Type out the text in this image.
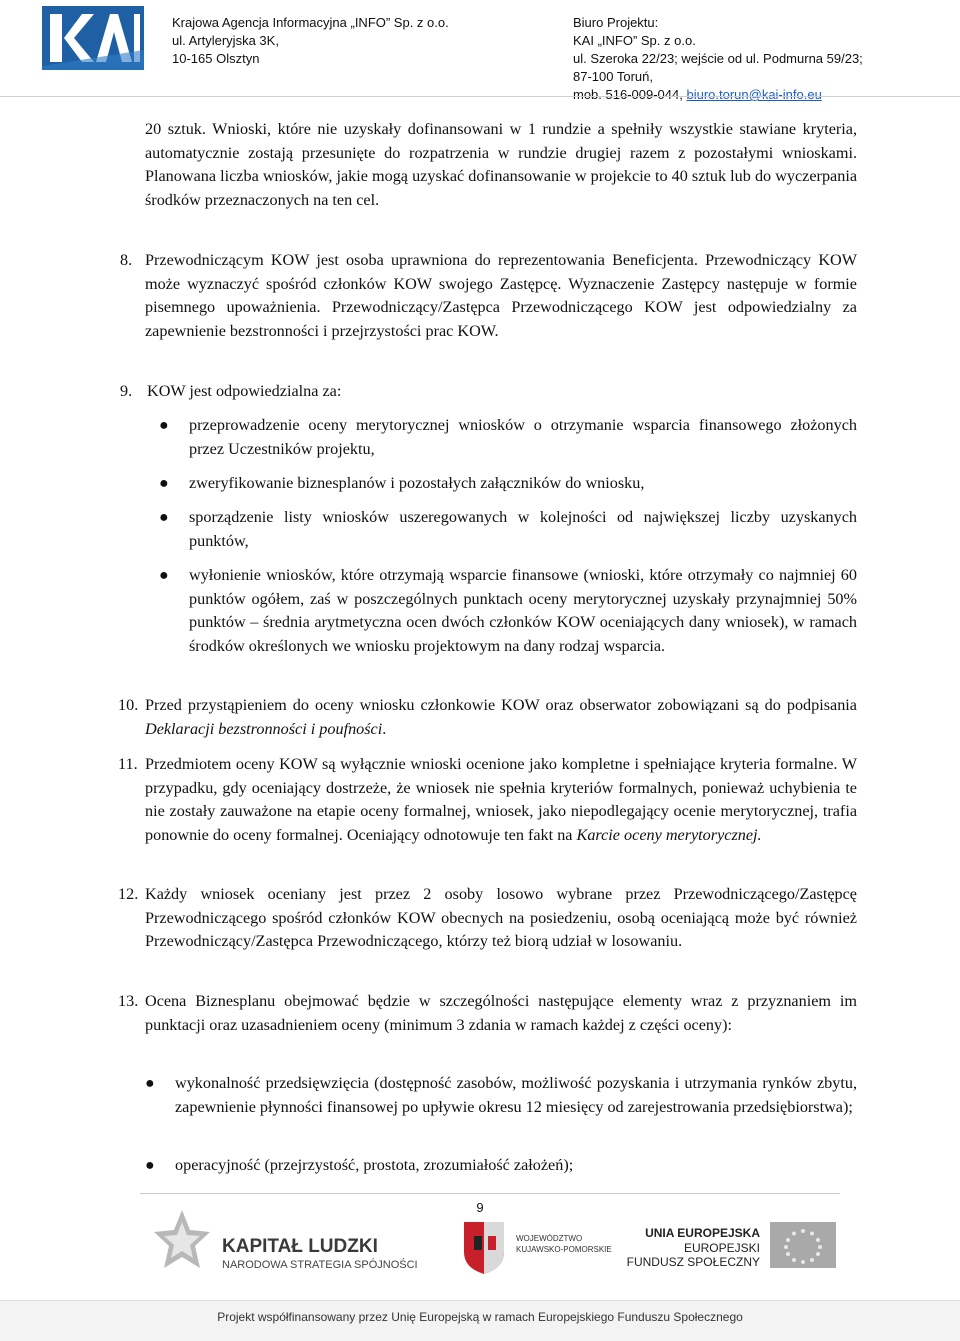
Krajowa Agencja Informacyjna „INFO” Sp. z o.o.
ul. Artyleryjska 3K,
10-165 Olsztyn
Biuro Projektu:
KAI „INFO” Sp. z o.o.
ul. Szeroka 22/23; wejście od ul. Podmurna 59/23;
87-100 Toruń,
mob. 516-009-044, biuro.torun@kai-info.eu
20 sztuk. Wnioski, które nie uzyskały dofinansowani w 1 rundzie a spełniły wszystkie stawiane kryteria, automatycznie zostają przesunięte do rozpatrzenia w rundzie drugiej razem z pozostałymi wnioskami. Planowana liczba wniosków, jakie mogą uzyskać dofinansowanie w projekcie to 40 sztuk lub do wyczerpania środków przeznaczonych na ten cel.
8. Przewodniczącym KOW jest osoba uprawniona do reprezentowania Beneficjenta. Przewodniczący KOW może wyznaczyć spośród członków KOW swojego Zastępcę. Wyznaczenie Zastępcy następuje w formie pisemnego upoważnienia. Przewodniczący/Zastępca Przewodniczącego KOW jest odpowiedzialny za zapewnienie bezstronności i przejrzystości prac KOW.
9. KOW jest odpowiedzialna za:
● przeprowadzenie oceny merytorycznej wniosków o otrzymanie wsparcia finansowego złożonych przez Uczestników projektu,
● zweryfikowanie biznesplanów i pozostałych załączników do wniosku,
● sporządzenie listy wniosków uszeregowanych w kolejności od największej liczby uzyskanych punktów,
● wyłonienie wniosków, które otrzymają wsparcie finansowe (wnioski, które otrzymały co najmniej 60 punktów ogółem, zaś w poszczególnych punktach oceny merytorycznej uzyskały przynajmniej 50% punktów – średnia arytmetyczna ocen dwóch członków KOW oceniających dany wniosek), w ramach środków określonych we wniosku projektowym na dany rodzaj wsparcia.
10. Przed przystąpieniem do oceny wniosku członkowie KOW oraz obserwator zobowiązani są do podpisania Deklaracji bezstronności i poufności.
11. Przedmiotem oceny KOW są wyłącznie wnioski ocenione jako kompletne i spełniające kryteria formalne. W przypadku, gdy oceniający dostrzeże, że wniosek nie spełnia kryteriów formalnych, ponieważ uchybienia te nie zostały zauważone na etapie oceny formalnej, wniosek, jako niepodlegający ocenie merytorycznej, trafia ponownie do oceny formalnej. Oceniający odnotowuje ten fakt na Karcie oceny merytorycznej.
12. Każdy wniosek oceniany jest przez 2 osoby losowo wybrane przez Przewodniczącego/Zastępcę Przewodniczącego spośród członków KOW obecnych na posiedzeniu, osobą oceniającą może być również Przewodniczący/Zastępca Przewodniczącego, którzy też biorą udział w losowaniu.
13. Ocena Biznesplanu obejmować będzie w szczególności następujące elementy wraz z przyznaniem im punktacji oraz uzasadnieniem oceny (minimum 3 zdania w ramach każdej z części oceny):
● wykonalność przedsięwzięcia (dostępność zasobów, możliwość pozyskania i utrzymania rynków zbytu, zapewnienie płynności finansowej po upływie okresu 12 miesięcy od zarejestrowania przedsiębiorstwa);
● operacyjność (przejrzystość, prostota, zrozumiałość założeń);
9
KAPITAŁ LUDZKI
NARODOWA STRATEGIA SPÓJNOŚCI
WOJEWÓDZTWO
KUJAWSKO-POMORSKIE
UNIA EUROPEJSKA
EUROPEJSKI
FUNDUSZ SPOŁECZNY
Projekt współfinansowany przez Unię Europejską w ramach Europejskiego Funduszu Społecznego
